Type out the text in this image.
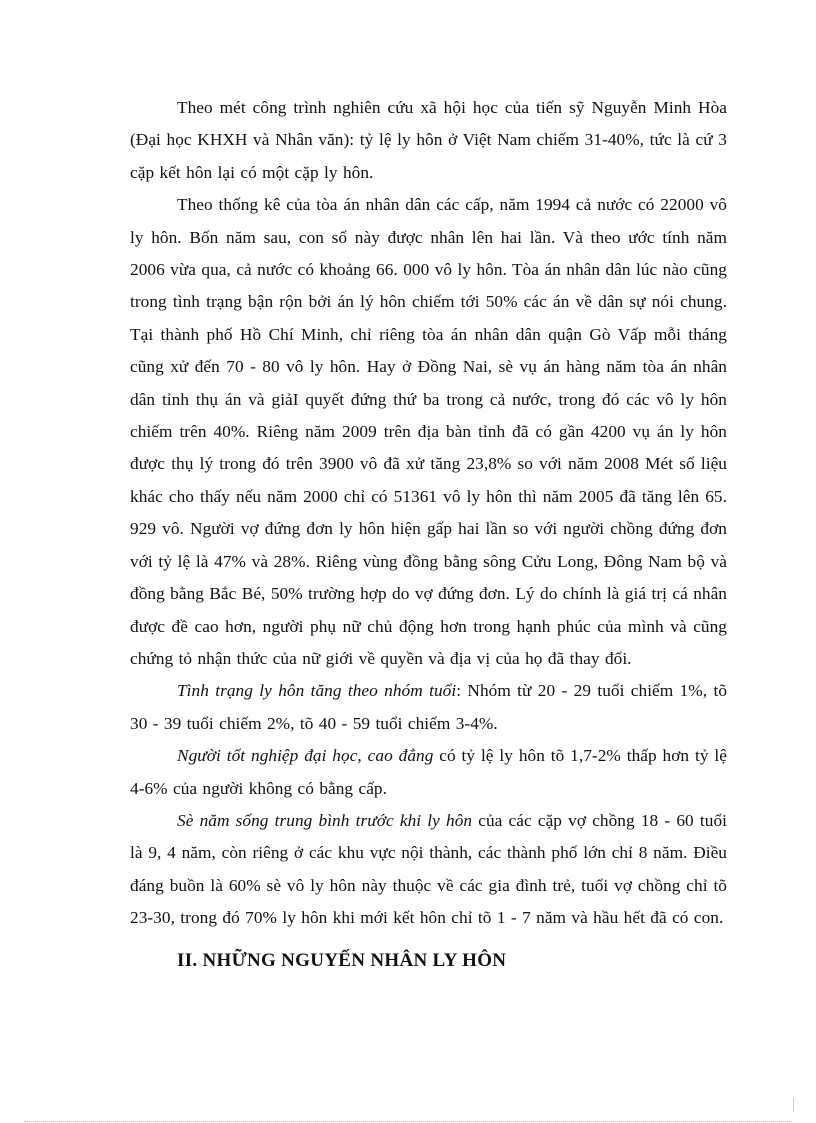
Theo mét công trình nghiên cứu xã hội học của tiến sỹ Nguyễn Minh Hòa (Đại học KHXH và Nhân văn): tỷ lệ ly hôn ở Việt Nam chiếm 31-40%, tức là cứ 3 cặp kết hôn lại có một cặp ly hôn.

Theo thống kê của tòa án nhân dân các cấp, năm 1994 cả nước có 22000 vô ly hôn. Bốn năm sau, con số này được nhân lên hai lần. Và theo ước tính năm 2006 vừa qua, cả nước có khoảng 66. 000 vô ly hôn. Tòa án nhân dân lúc nào cũng trong tình trạng bận rộn bởi án lý hôn chiếm tới 50% các án về dân sự nói chung. Tại thành phố Hồ Chí Minh, chỉ riêng tòa án nhân dân quận Gò Vấp mỗi tháng cũng xử đến 70 - 80 vô ly hôn. Hay ở Đồng Nai, sè vụ án hàng năm tòa án nhân dân tỉnh thụ án và giảI quyết đứng thứ ba trong cả nước, trong đó các vô ly hôn chiếm trên 40%. Riêng năm 2009 trên địa bàn tỉnh đã có gần 4200 vụ án ly hôn được thụ lý trong đó trên 3900 vô đã xử tăng 23,8% so với năm 2008 Mét số liệu khác cho thấy nếu năm 2000 chỉ có 51361 vô ly hôn thì năm 2005 đã tăng lên 65. 929 vô. Người vợ đứng đơn ly hôn hiện gấp hai lần so với người chồng đứng đơn với tỷ lệ là 47% và 28%. Riêng vùng đồng bằng sông Cửu Long, Đông Nam bộ và đồng bằng Bắc Bé, 50% trường hợp do vợ đứng đơn. Lý do chính là giá trị cá nhân được đề cao hơn, người phụ nữ chủ động hơn trong hạnh phúc của mình và cũng chứng tỏ nhận thức của nữ giới về quyền và địa vị của họ đã thay đổi.

Tình trạng ly hôn tăng theo nhóm tuổi: Nhóm từ 20 - 29 tuổi chiếm 1%, tõ 30 - 39 tuổi chiếm 2%, tõ 40 - 59 tuổi chiếm 3-4%.

Người tốt nghiệp đại học, cao đẳng có tỷ lệ ly hôn tõ 1,7-2% thấp hơn tỷ lệ 4-6% của người không có bằng cấp.

Sè năm sống trung bình trước khi ly hôn của các cặp vợ chồng 18 - 60 tuổi là 9, 4 năm, còn riêng ở các khu vực nội thành, các thành phố lớn chỉ 8 năm. Điều đáng buồn là 60% sè vô ly hôn này thuộc về các gia đình trẻ, tuổi vợ chồng chỉ tõ 23-30, trong đó 70% ly hôn khi mới kết hôn chỉ tõ 1 - 7 năm và hầu hết đã có con.

II. NHỮNG NGUYẾN NHÂN LY HÔN
